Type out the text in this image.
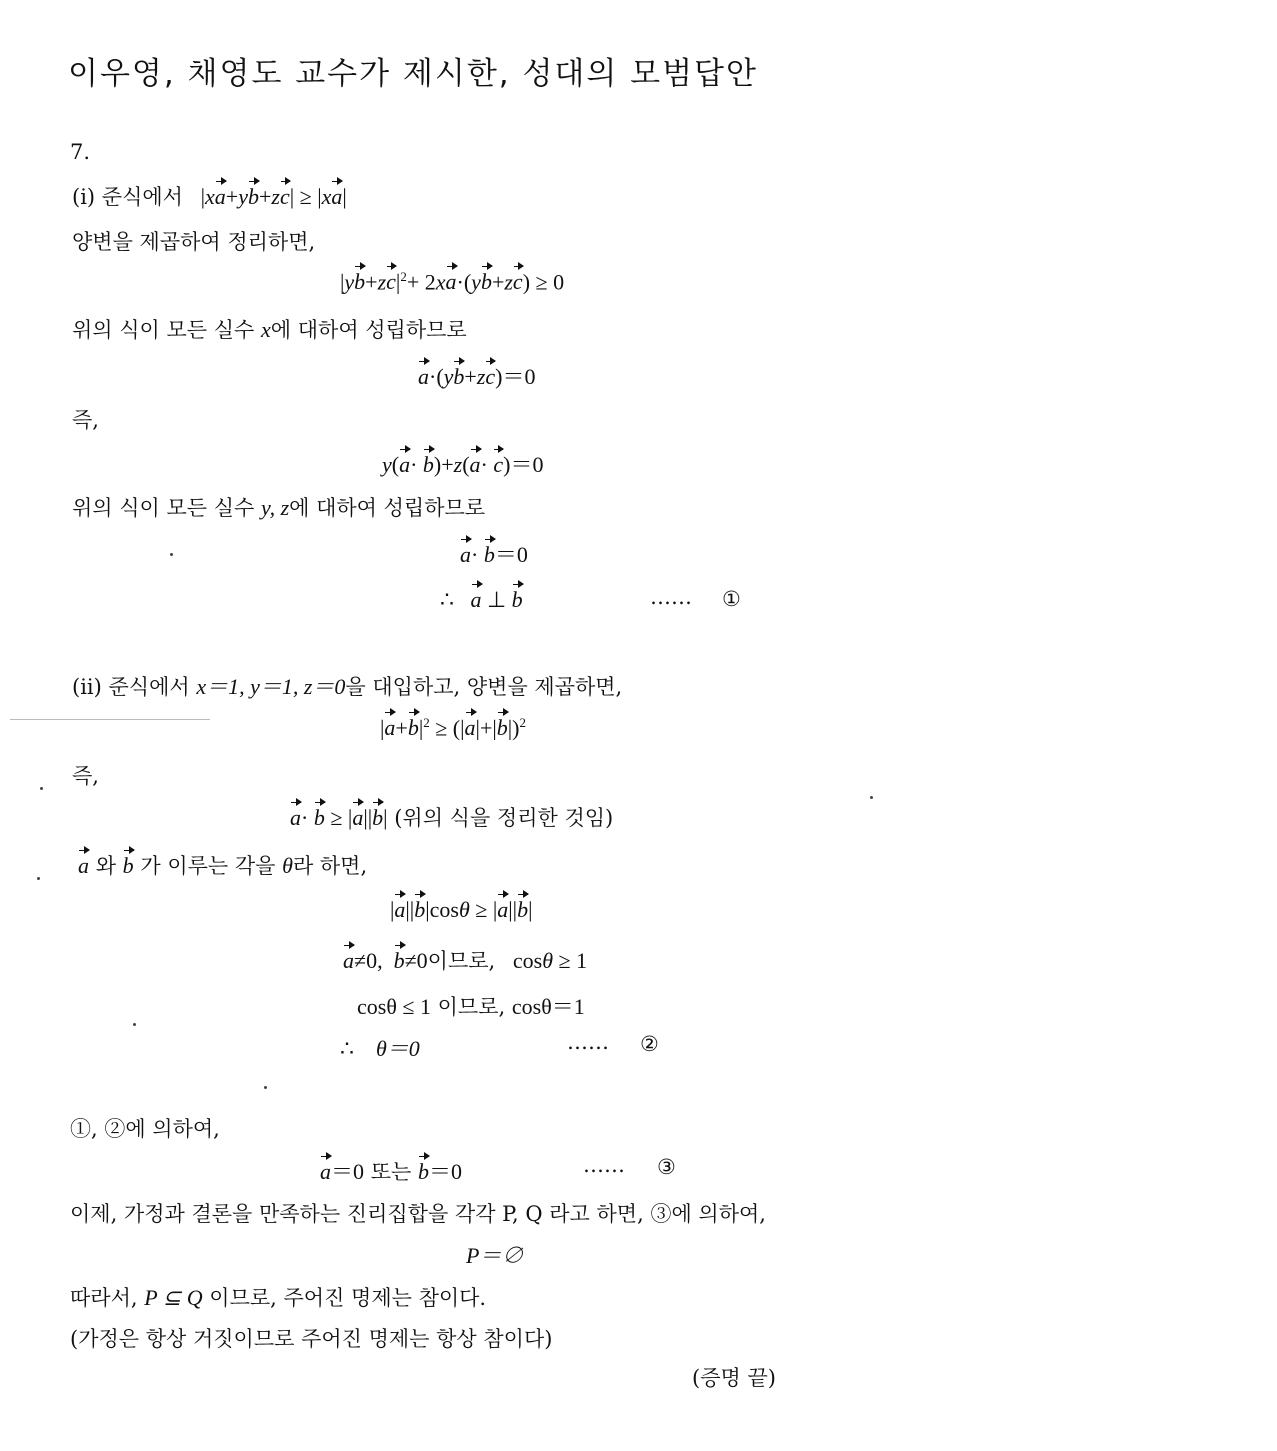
이우영, 채영도 교수가 제시한, 성대의 모범답안
7.
(i) 준식에서   |xa+yb+zc| ≥ |xa|
양변을 제곱하여 정리하면,
$|yb+zc|^2+ 2xa\cdot(yb+zc) \ge 0$
위의 식이 모든 실수 x에 대하여 성립하므로
a·(yb+zc)＝0
즉,
y(a· b)+z(a· c)＝0
위의 식이 모든 실수 y, z에 대하여 성립하므로
a· b＝0
∴   a ⊥ b	…… ①
(ii) 준식에서 x＝1, y＝1, z＝0을 대입하고, 양변을 제곱하면,
$|a+b|^2 \ge (|a|+|b|)^2$
즉,
a· b ≥ |a||b| (위의 식을 정리한 것임)
a 와 b 가 이루는 각을 θ라 하면,
|a||b|cosθ ≥ |a||b|
a≠0,  b≠0이므로,   cosθ ≥ 1
cosθ ≤ 1 이므로, cosθ＝1
∴    θ＝0	…… ②
①, ②에 의하여,
a＝0 또는 b＝0	…… ③
이제, 가정과 결론을 만족하는 진리집합을 각각 P, Q 라고 하면, ③에 의하여,
P＝∅
따라서, P ⊆ Q 이므로, 주어진 명제는 참이다.
(가정은 항상 거짓이므로 주어진 명제는 항상 참이다)
(증명 끝)
